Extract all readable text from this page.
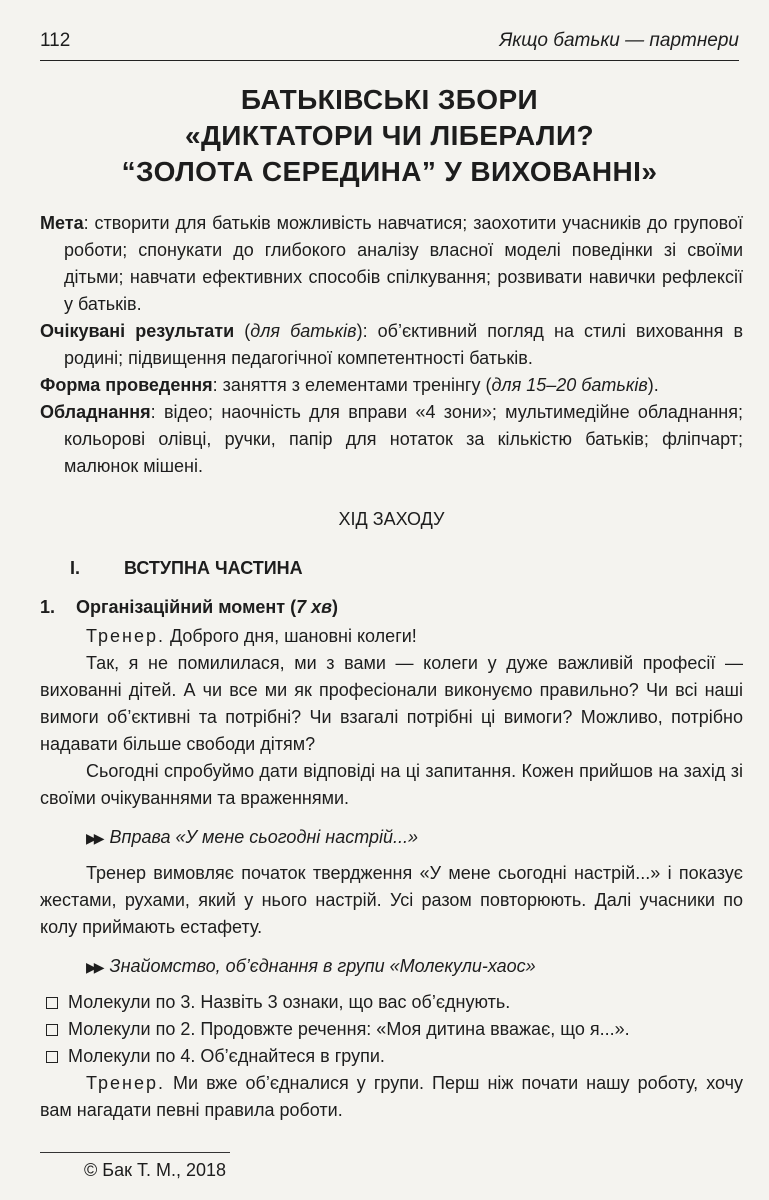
112	Якщо батьки — партнери
БАТЬКІВСЬКІ ЗБОРИ
«ДИКТАТОРИ ЧИ ЛІБЕРАЛИ?
“ЗОЛОТА СЕРЕДИНА” У ВИХОВАННІ»

Мета: створити для батьків можливість навчатися; заохотити учасників до групової роботи; спонукати до глибокого аналізу власної моделі поведінки зі своїми дітьми; навчати ефективних способів спілкування; розвивати навички рефлексії у батьків.

Очікувані результати (для батьків): об’єктивний погляд на стилі виховання в родині; підвищення педагогічної компетентності батьків.

Форма проведення: заняття з елементами тренінгу (для 15–20 батьків).

Обладнання: відео; наочність для вправи «4 зони»; мультимедійне обладнання; кольорові олівці, ручки, папір для нотаток за кількістю батьків; фліпчарт; малюнок мішені.

ХІД ЗАХОДУ

I. ВСТУПНА ЧАСТИНА

1. Організаційний момент (7 хв)

Тренер. Доброго дня, шановні колеги!

Так, я не помилилася, ми з вами — колеги у дуже важливій професії — вихованні дітей. А чи все ми як професіонали виконуємо правильно? Чи всі наші вимоги об’єктивні та потрібні? Чи взагалі потрібні ці вимоги? Можливо, потрібно надавати більше свободи дітям?

Сьогодні спробуймо дати відповіді на ці запитання. Кожен прийшов на захід зі своїми очікуваннями та враженнями.

▶▶ Вправа «У мене сьогодні настрій...»

Тренер вимовляє початок твердження «У мене сьогодні настрій...» і показує жестами, рухами, який у нього настрій. Усі разом повторюють. Далі учасники по колу приймають естафету.

▶▶ Знайомство, об’єднання в групи «Молекули-хаос»

Молекули по 3. Назвіть 3 ознаки, що вас об’єднують.

Молекули по 2. Продовжте речення: «Моя дитина вважає, що я...».

Молекули по 4. Об’єднайтеся в групи.

Тренер. Ми вже об’єдналися у групи. Перш ніж почати нашу роботу, хочу вам нагадати певні правила роботи.

© Бак Т. М., 2018
